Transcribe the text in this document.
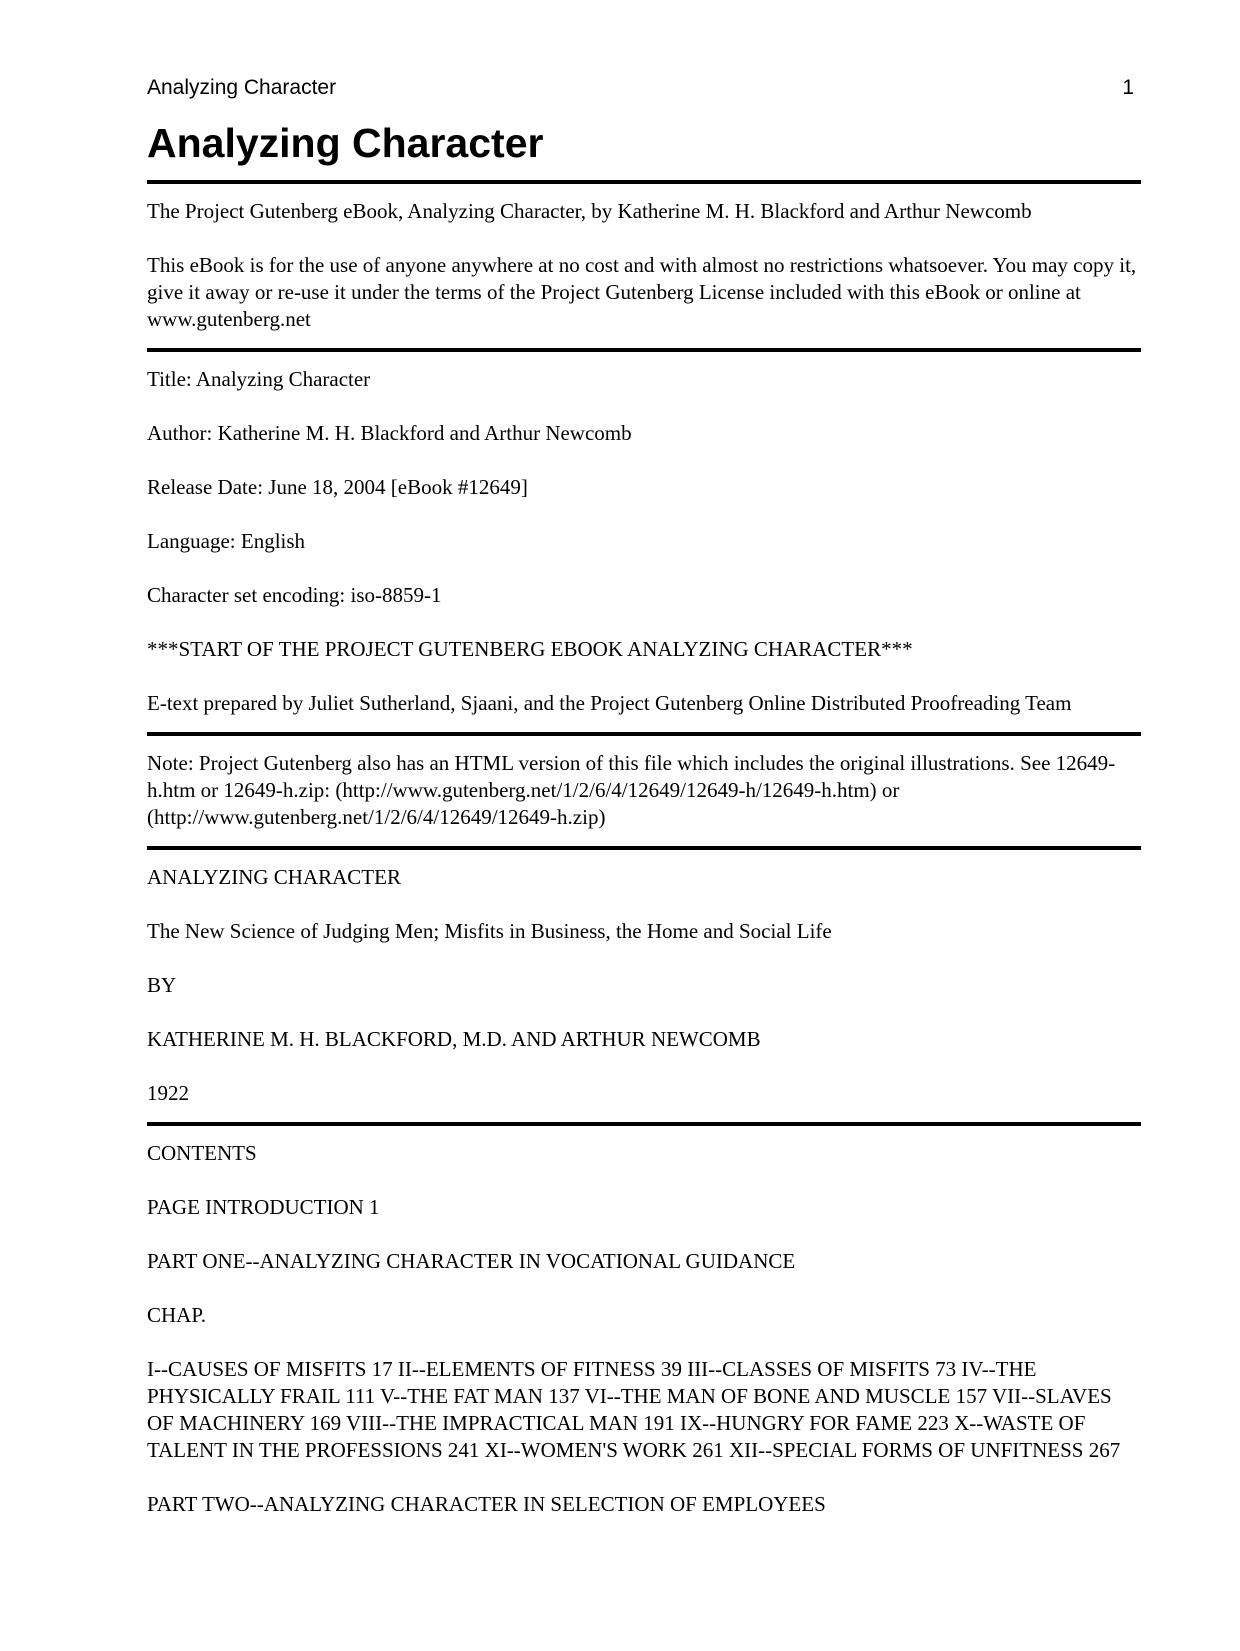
Analyzing Character	1
Analyzing Character

The Project Gutenberg eBook, Analyzing Character, by Katherine M. H. Blackford and Arthur Newcomb

This eBook is for the use of anyone anywhere at no cost and with almost no restrictions whatsoever. You may copy it, give it away or re-use it under the terms of the Project Gutenberg License included with this eBook or online at www.gutenberg.net

Title: Analyzing Character

Author: Katherine M. H. Blackford and Arthur Newcomb

Release Date: June 18, 2004 [eBook #12649]

Language: English

Character set encoding: iso-8859-1

***START OF THE PROJECT GUTENBERG EBOOK ANALYZING CHARACTER***

E-text prepared by Juliet Sutherland, Sjaani, and the Project Gutenberg Online Distributed Proofreading Team

Note: Project Gutenberg also has an HTML version of this file which includes the original illustrations. See 12649-h.htm or 12649-h.zip: (http://www.gutenberg.net/1/2/6/4/12649/12649-h/12649-h.htm) or (http://www.gutenberg.net/1/2/6/4/12649/12649-h.zip)

ANALYZING CHARACTER

The New Science of Judging Men; Misfits in Business, the Home and Social Life

BY

KATHERINE M. H. BLACKFORD, M.D. AND ARTHUR NEWCOMB

1922

CONTENTS

PAGE INTRODUCTION 1

PART ONE--ANALYZING CHARACTER IN VOCATIONAL GUIDANCE

CHAP.

I--CAUSES OF MISFITS 17 II--ELEMENTS OF FITNESS 39 III--CLASSES OF MISFITS 73 IV--THE PHYSICALLY FRAIL 111 V--THE FAT MAN 137 VI--THE MAN OF BONE AND MUSCLE 157 VII--SLAVES OF MACHINERY 169 VIII--THE IMPRACTICAL MAN 191 IX--HUNGRY FOR FAME 223 X--WASTE OF TALENT IN THE PROFESSIONS 241 XI--WOMEN'S WORK 261 XII--SPECIAL FORMS OF UNFITNESS 267

PART TWO--ANALYZING CHARACTER IN SELECTION OF EMPLOYEES
